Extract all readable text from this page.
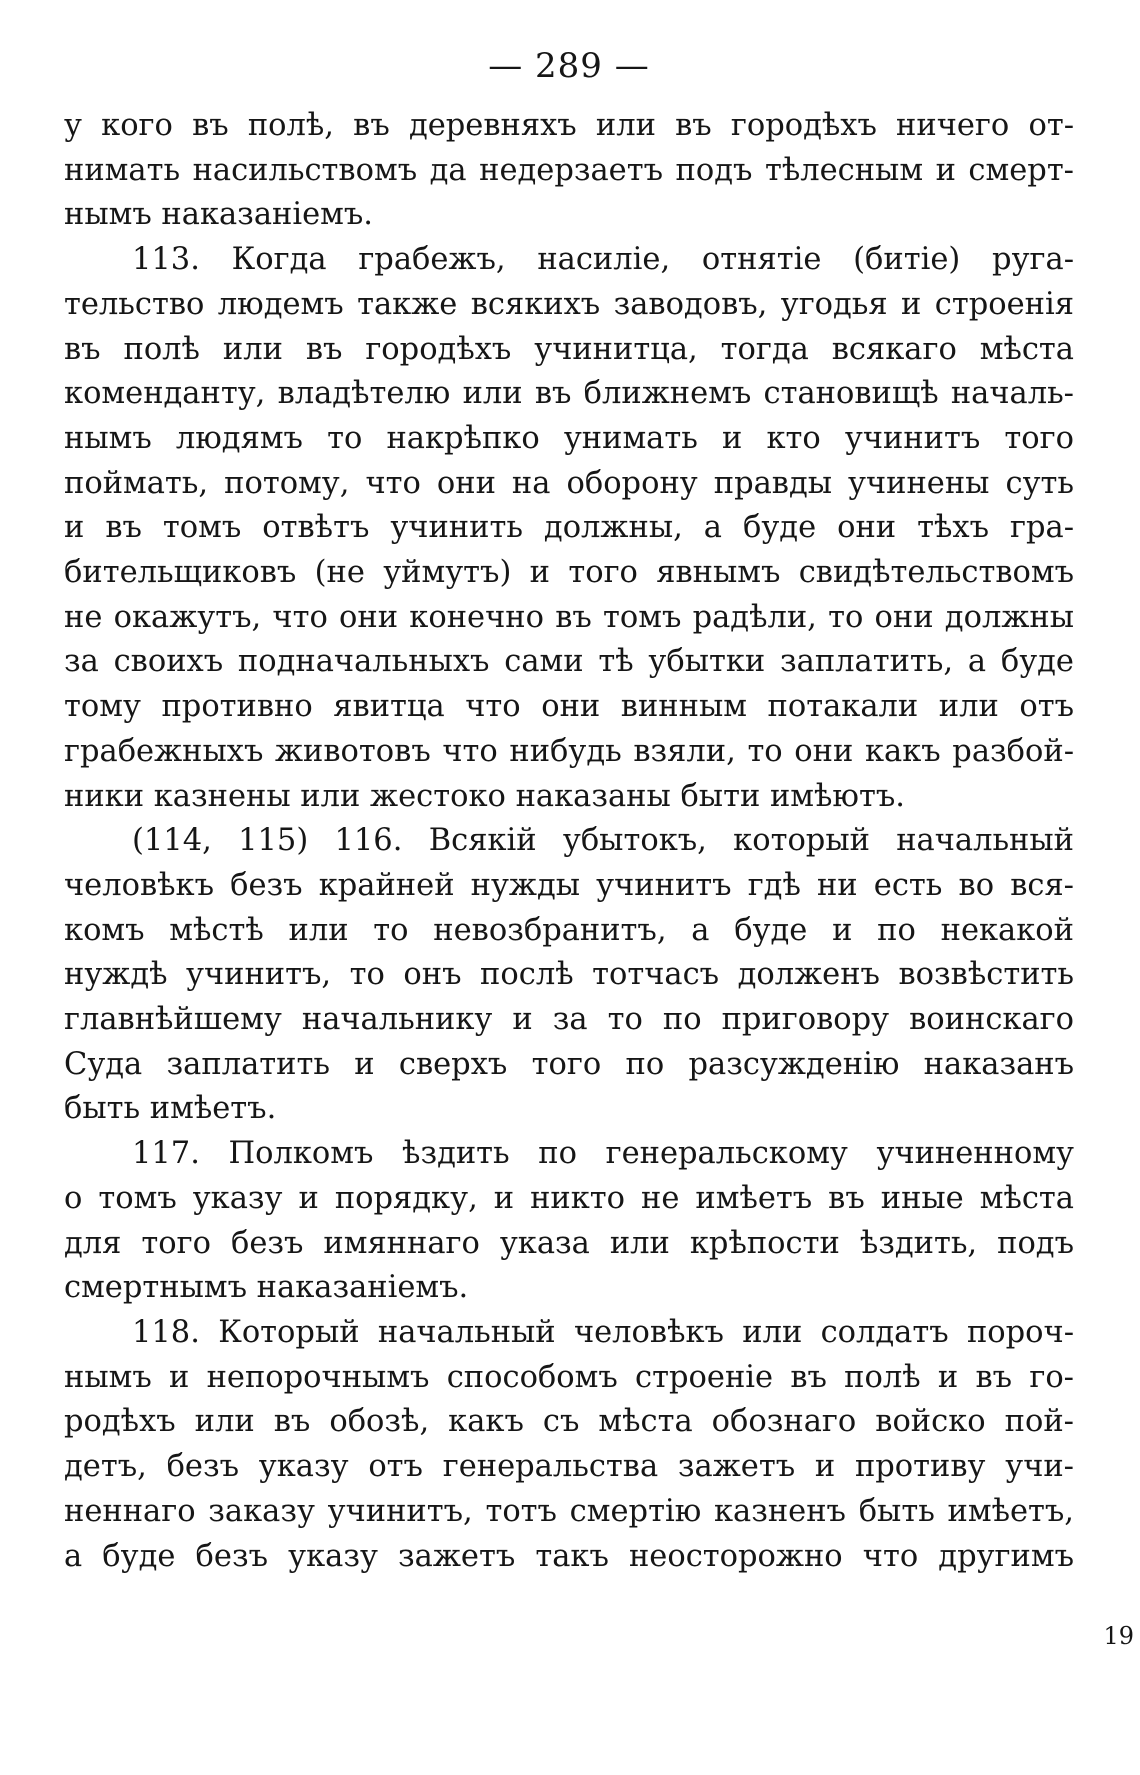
— 289 —
у кого въ полѣ, въ деревняхъ или въ городѣхъ ничего от-
нимать насильствомъ да недерзаетъ подъ тѣлесным и смерт-
нымъ наказаніемъ.
113. Когда грабежъ, насиліе, отнятіе (битіе) руга-
тельство людемъ также всякихъ заводовъ, угодья и строенія
въ полѣ или въ городѣхъ учинитца, тогда всякаго мѣста
коменданту, владѣтелю или въ ближнемъ становищѣ началь-
нымъ людямъ то накрѣпко унимать и кто учинитъ того
поймать, потому, что они на оборону правды учинены суть
и въ томъ отвѣтъ учинить должны, а буде они тѣхъ гра-
бительщиковъ (не уймутъ) и того явнымъ свидѣтельствомъ
не окажутъ, что они конечно въ томъ радѣли, то они должны
за своихъ подначальныхъ сами тѣ убытки заплатить, а буде
тому противно явитца что они винным потакали или отъ
грабежныхъ животовъ что нибудь взяли, то они какъ разбой-
ники казнены или жестоко наказаны быти имѣютъ.
(114, 115) 116. Всякій убытокъ, который начальный
человѣкъ безъ крайней нужды учинитъ гдѣ ни есть во вся-
комъ мѣстѣ или то невозбранитъ, а буде и по некакой
нуждѣ учинитъ, то онъ послѣ тотчасъ долженъ возвѣстить
главнѣйшему начальнику и за то по приговору воинскаго
Суда заплатить и сверхъ того по разсужденію наказанъ
быть имѣетъ.
117. Полкомъ ѣздить по генеральскому учиненному
о томъ указу и порядку, и никто не имѣетъ въ иные мѣста
для того безъ имяннаго указа или крѣпости ѣздить, подъ
смертнымъ наказаніемъ.
118. Который начальный человѣкъ или солдатъ пороч-
нымъ и непорочнымъ способомъ строеніе въ полѣ и въ го-
родѣхъ или въ обозѣ, какъ съ мѣста обознаго войско пой-
детъ, безъ указу отъ генеральства зажетъ и противу учи-
неннаго заказу учинитъ, тотъ смертію казненъ быть имѣетъ,
а буде безъ указу зажетъ такъ неосторожно что другимъ
19
